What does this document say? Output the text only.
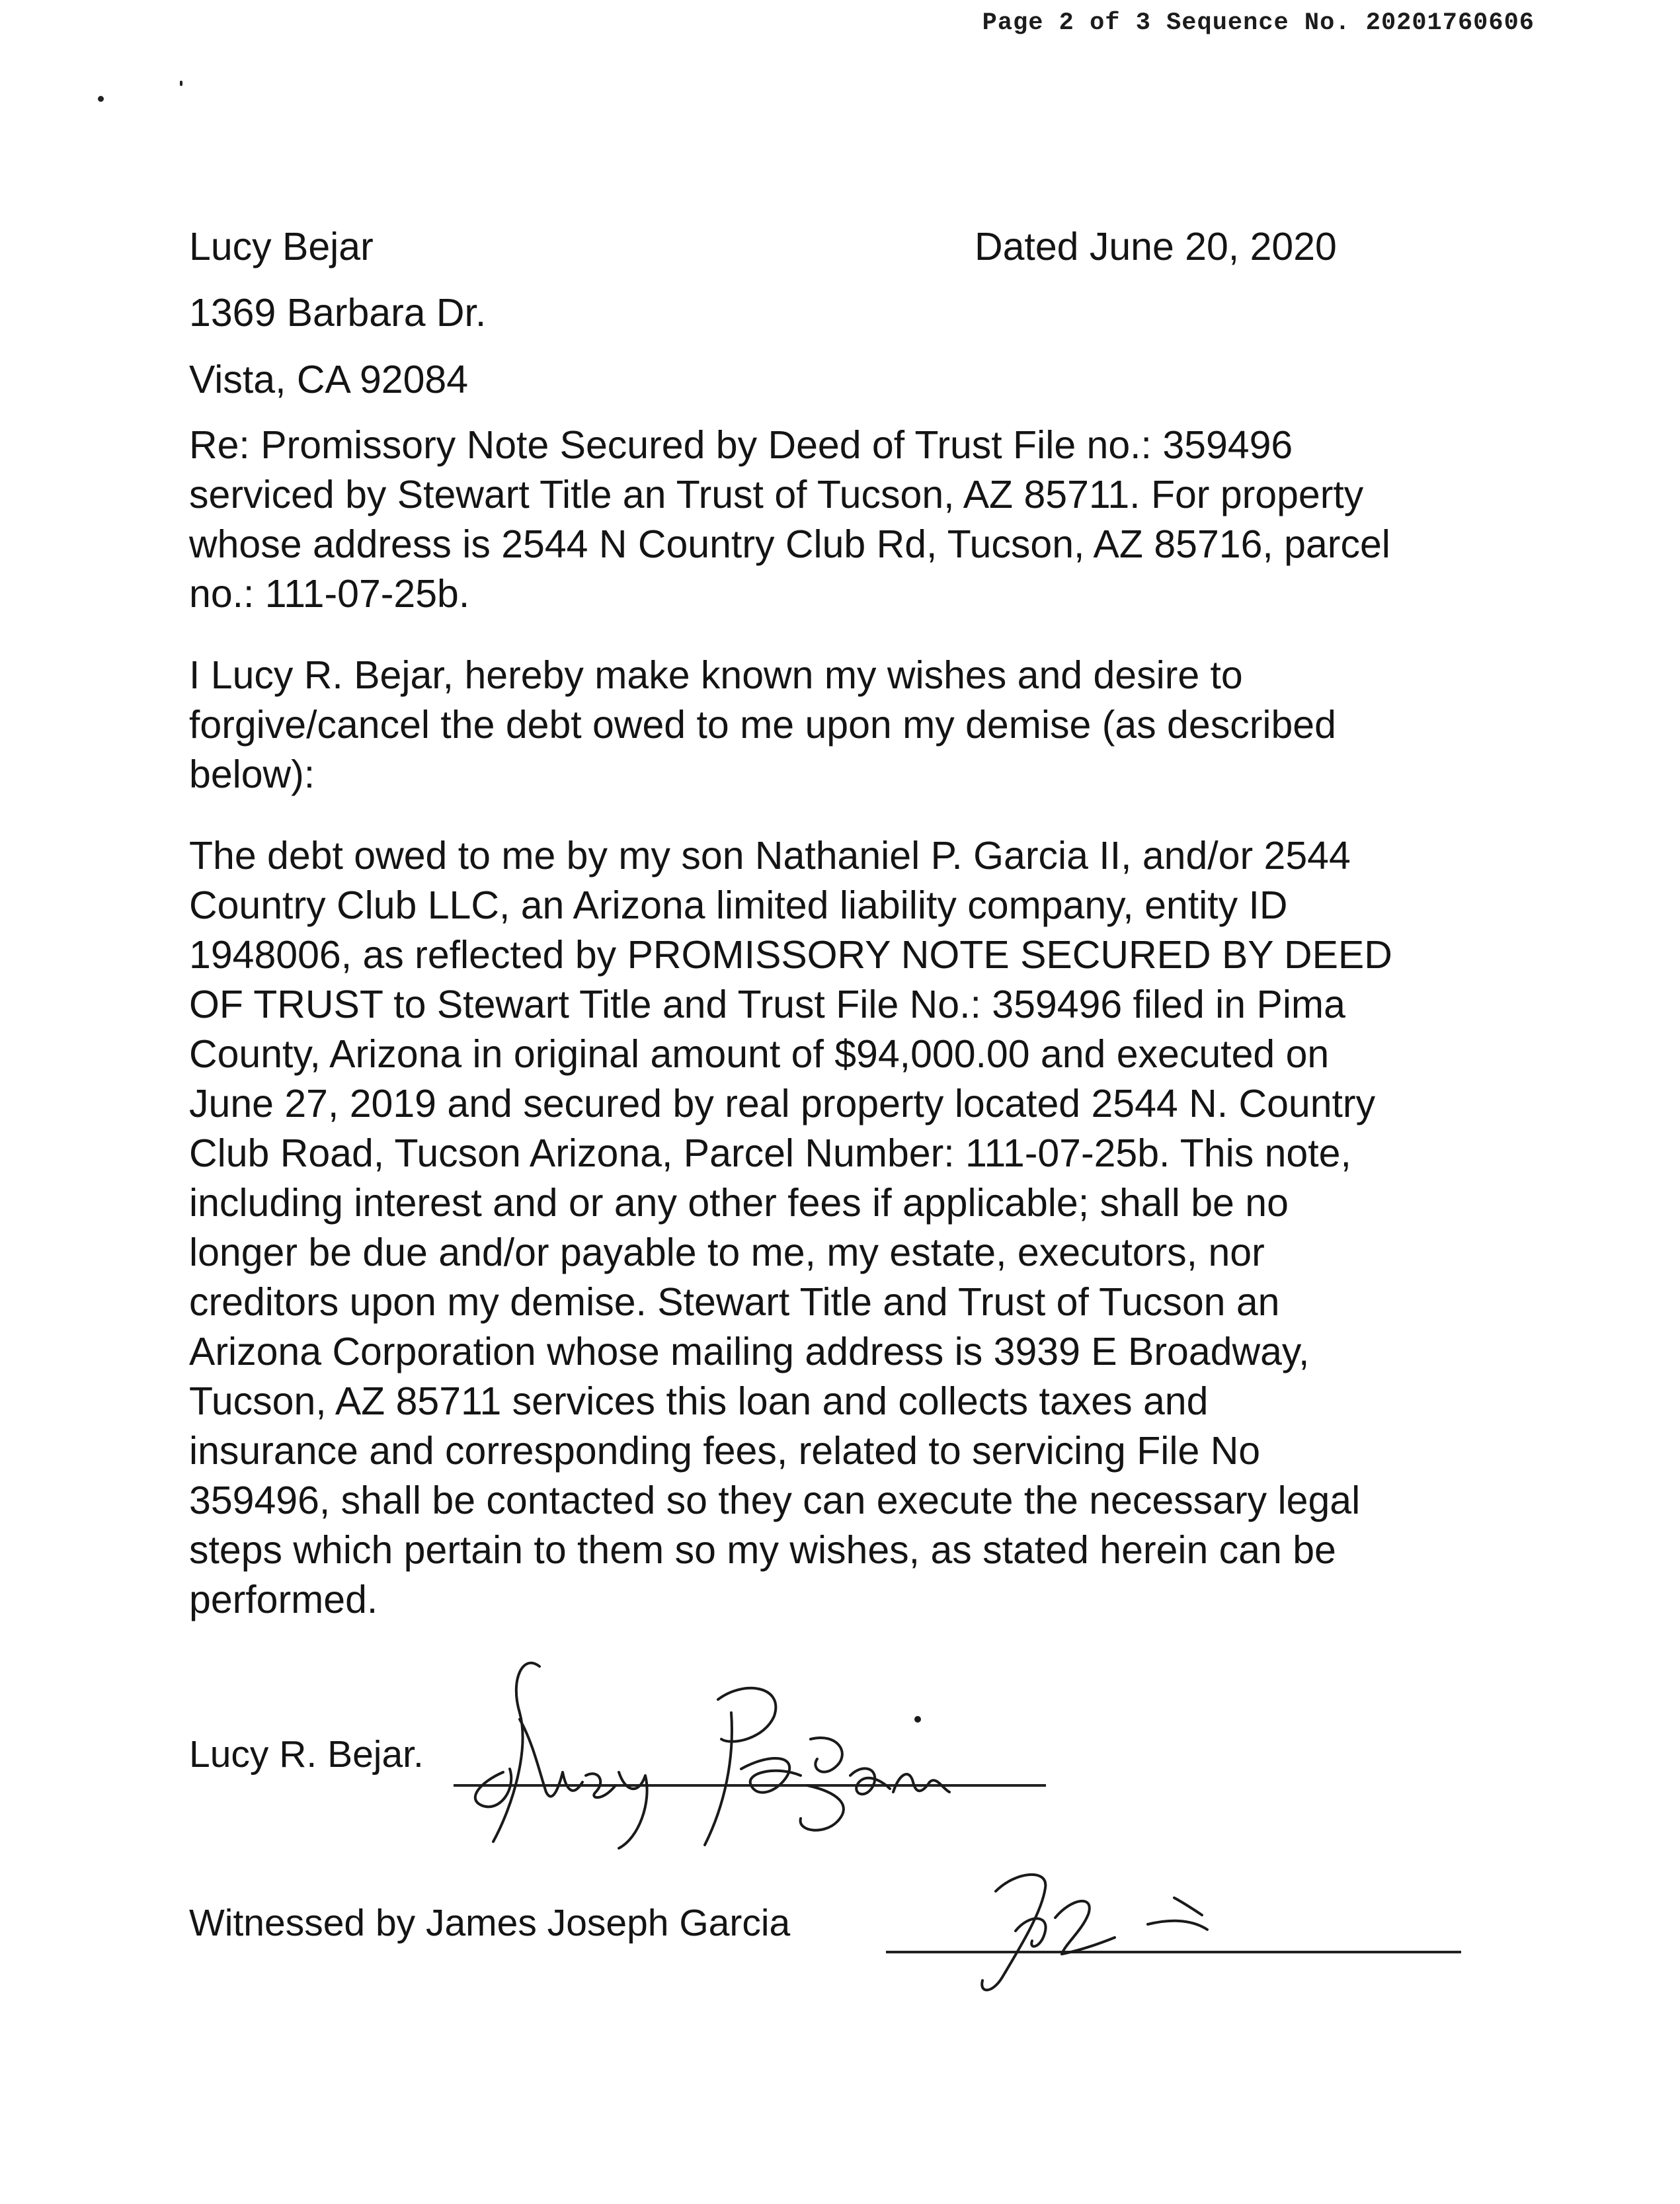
Page 2 of 3 Sequence No. 20201760606
Lucy Bejar	Dated June 20, 2020
1369 Barbara Dr.
Vista, CA 92084
Re: Promissory Note Secured by Deed of Trust File no.: 359496
serviced by Stewart Title an Trust of Tucson, AZ 85711. For property
whose address is 2544 N Country Club Rd, Tucson, AZ 85716, parcel
no.: 111-07-25b.
I Lucy R. Bejar, hereby make known my wishes and desire to
forgive/cancel the debt owed to me upon my demise (as described
below):
The debt owed to me by my son Nathaniel P. Garcia II, and/or 2544
Country Club LLC, an Arizona limited liability company, entity ID
1948006, as reflected by PROMISSORY NOTE SECURED BY DEED
OF TRUST to Stewart Title and Trust File No.: 359496 filed in Pima
County, Arizona in original amount of $94,000.00 and executed on
June 27, 2019 and secured by real property located 2544 N. Country
Club Road, Tucson Arizona, Parcel Number: 111-07-25b. This note,
including interest and or any other fees if applicable; shall be no
longer be due and/or payable to me, my estate, executors, nor
creditors upon my demise. Stewart Title and Trust of Tucson an
Arizona Corporation whose mailing address is 3939 E Broadway,
Tucson, AZ 85711 services this loan and collects taxes and
insurance and corresponding fees, related to servicing File No
359496, shall be contacted so they can execute the necessary legal
steps which pertain to them so my wishes, as stated herein can be
performed.
Lucy R. Bejar.
Witnessed by James Joseph Garcia
